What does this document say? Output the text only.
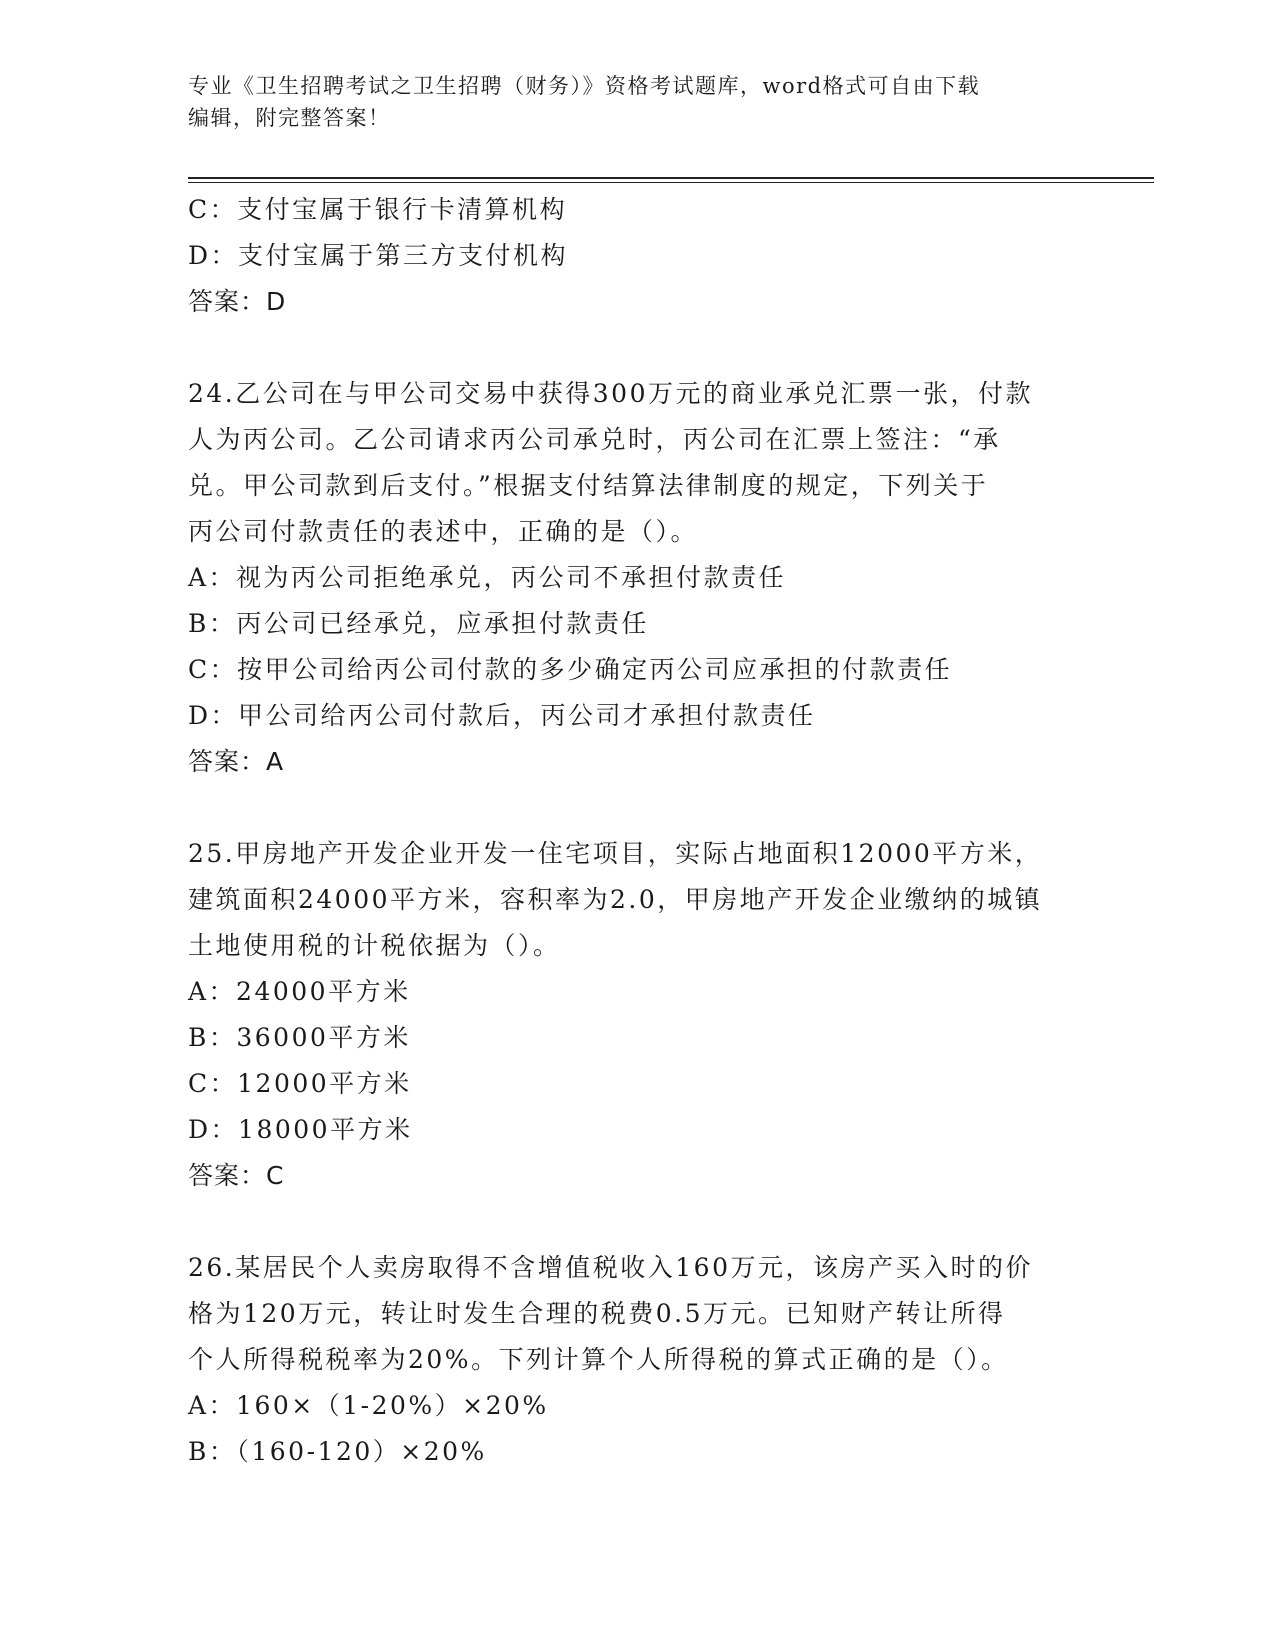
专业《卫生招聘考试之卫生招聘（财务）》资格考试题库，word格式可自由下载
编辑，附完整答案！
C：支付宝属于银行卡清算机构
D：支付宝属于第三方支付机构
答案：D
24.乙公司在与甲公司交易中获得300万元的商业承兑汇票一张，付款
人为丙公司。乙公司请求丙公司承兑时，丙公司在汇票上签注：“承
兑。甲公司款到后支付。”根据支付结算法律制度的规定，下列关于
丙公司付款责任的表述中，正确的是（）。
A：视为丙公司拒绝承兑，丙公司不承担付款责任
B：丙公司已经承兑，应承担付款责任
C：按甲公司给丙公司付款的多少确定丙公司应承担的付款责任
D：甲公司给丙公司付款后，丙公司才承担付款责任
答案：A
25.甲房地产开发企业开发一住宅项目，实际占地面积12000平方米，
建筑面积24000平方米，容积率为2.0，甲房地产开发企业缴纳的城镇
土地使用税的计税依据为（）。
A：24000平方米
B：36000平方米
C：12000平方米
D：18000平方米
答案：C
26.某居民个人卖房取得不含增值税收入160万元，该房产买入时的价
格为120万元，转让时发生合理的税费0.5万元。已知财产转让所得
个人所得税税率为20%。下列计算个人所得税的算式正确的是（）。
A：160×（1-20%）×20%
B：（160-120）×20%
